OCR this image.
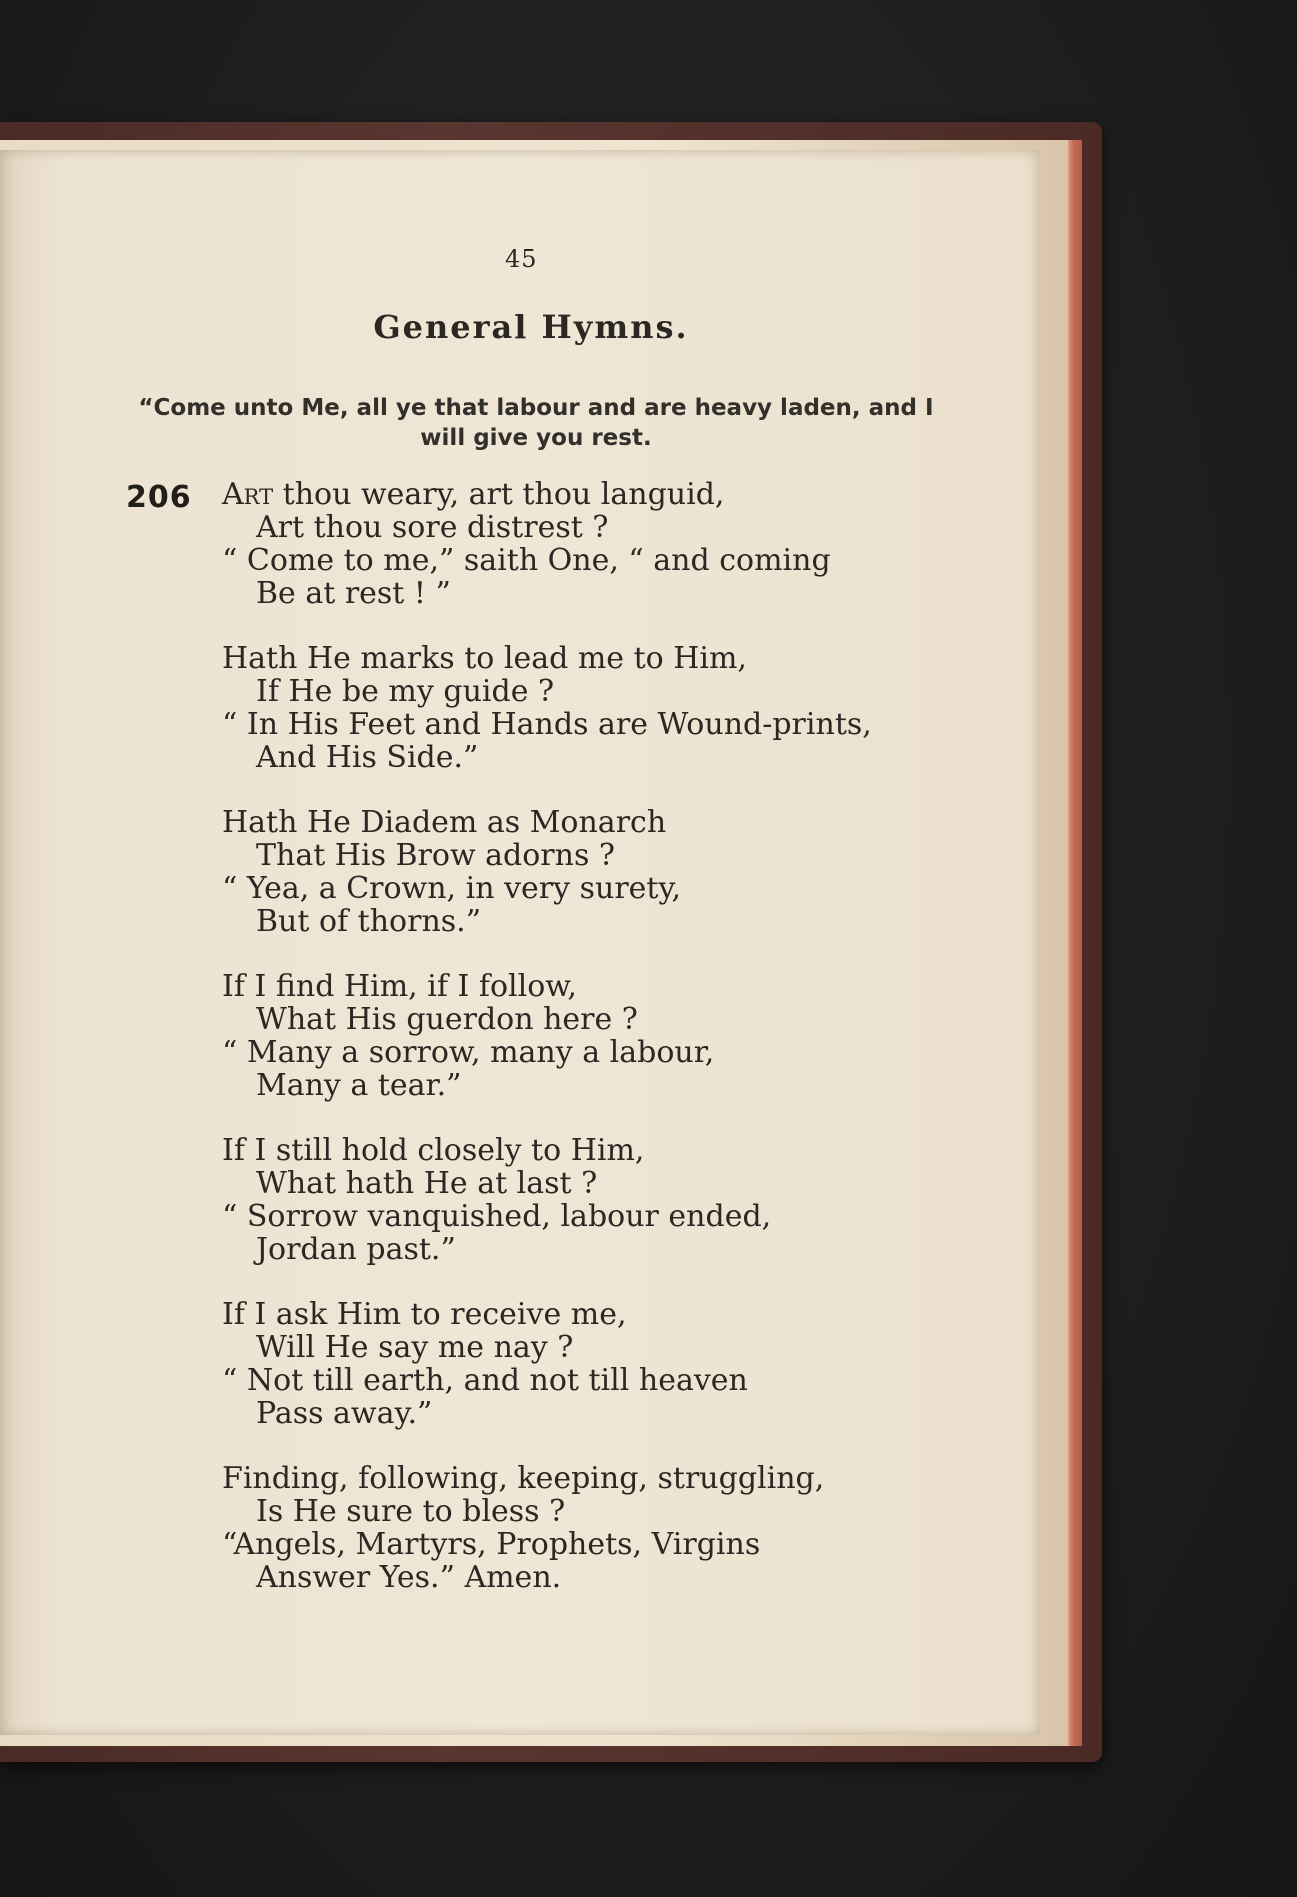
45
General Hymns.
“Come unto Me, all ye that labour and are heavy laden, and I will give you rest.
206 Art thou weary, art thou languid,
Art thou sore distrest ?
“ Come to me,” saith One, “ and coming
Be at rest ! ”
Hath He marks to lead me to Him,
If He be my guide ?
“ In His Feet and Hands are Wound-prints,
And His Side.”
Hath He Diadem as Monarch
That His Brow adorns ?
“ Yea, a Crown, in very surety,
But of thorns.”
If I find Him, if I follow,
What His guerdon here ?
“ Many a sorrow, many a labour,
Many a tear.”
If I still hold closely to Him,
What hath He at last ?
“ Sorrow vanquished, labour ended,
Jordan past.”
If I ask Him to receive me,
Will He say me nay ?
“ Not till earth, and not till heaven
Pass away.”
Finding, following, keeping, struggling,
Is He sure to bless ?
“Angels, Martyrs, Prophets, Virgins
Answer Yes.” Amen.
